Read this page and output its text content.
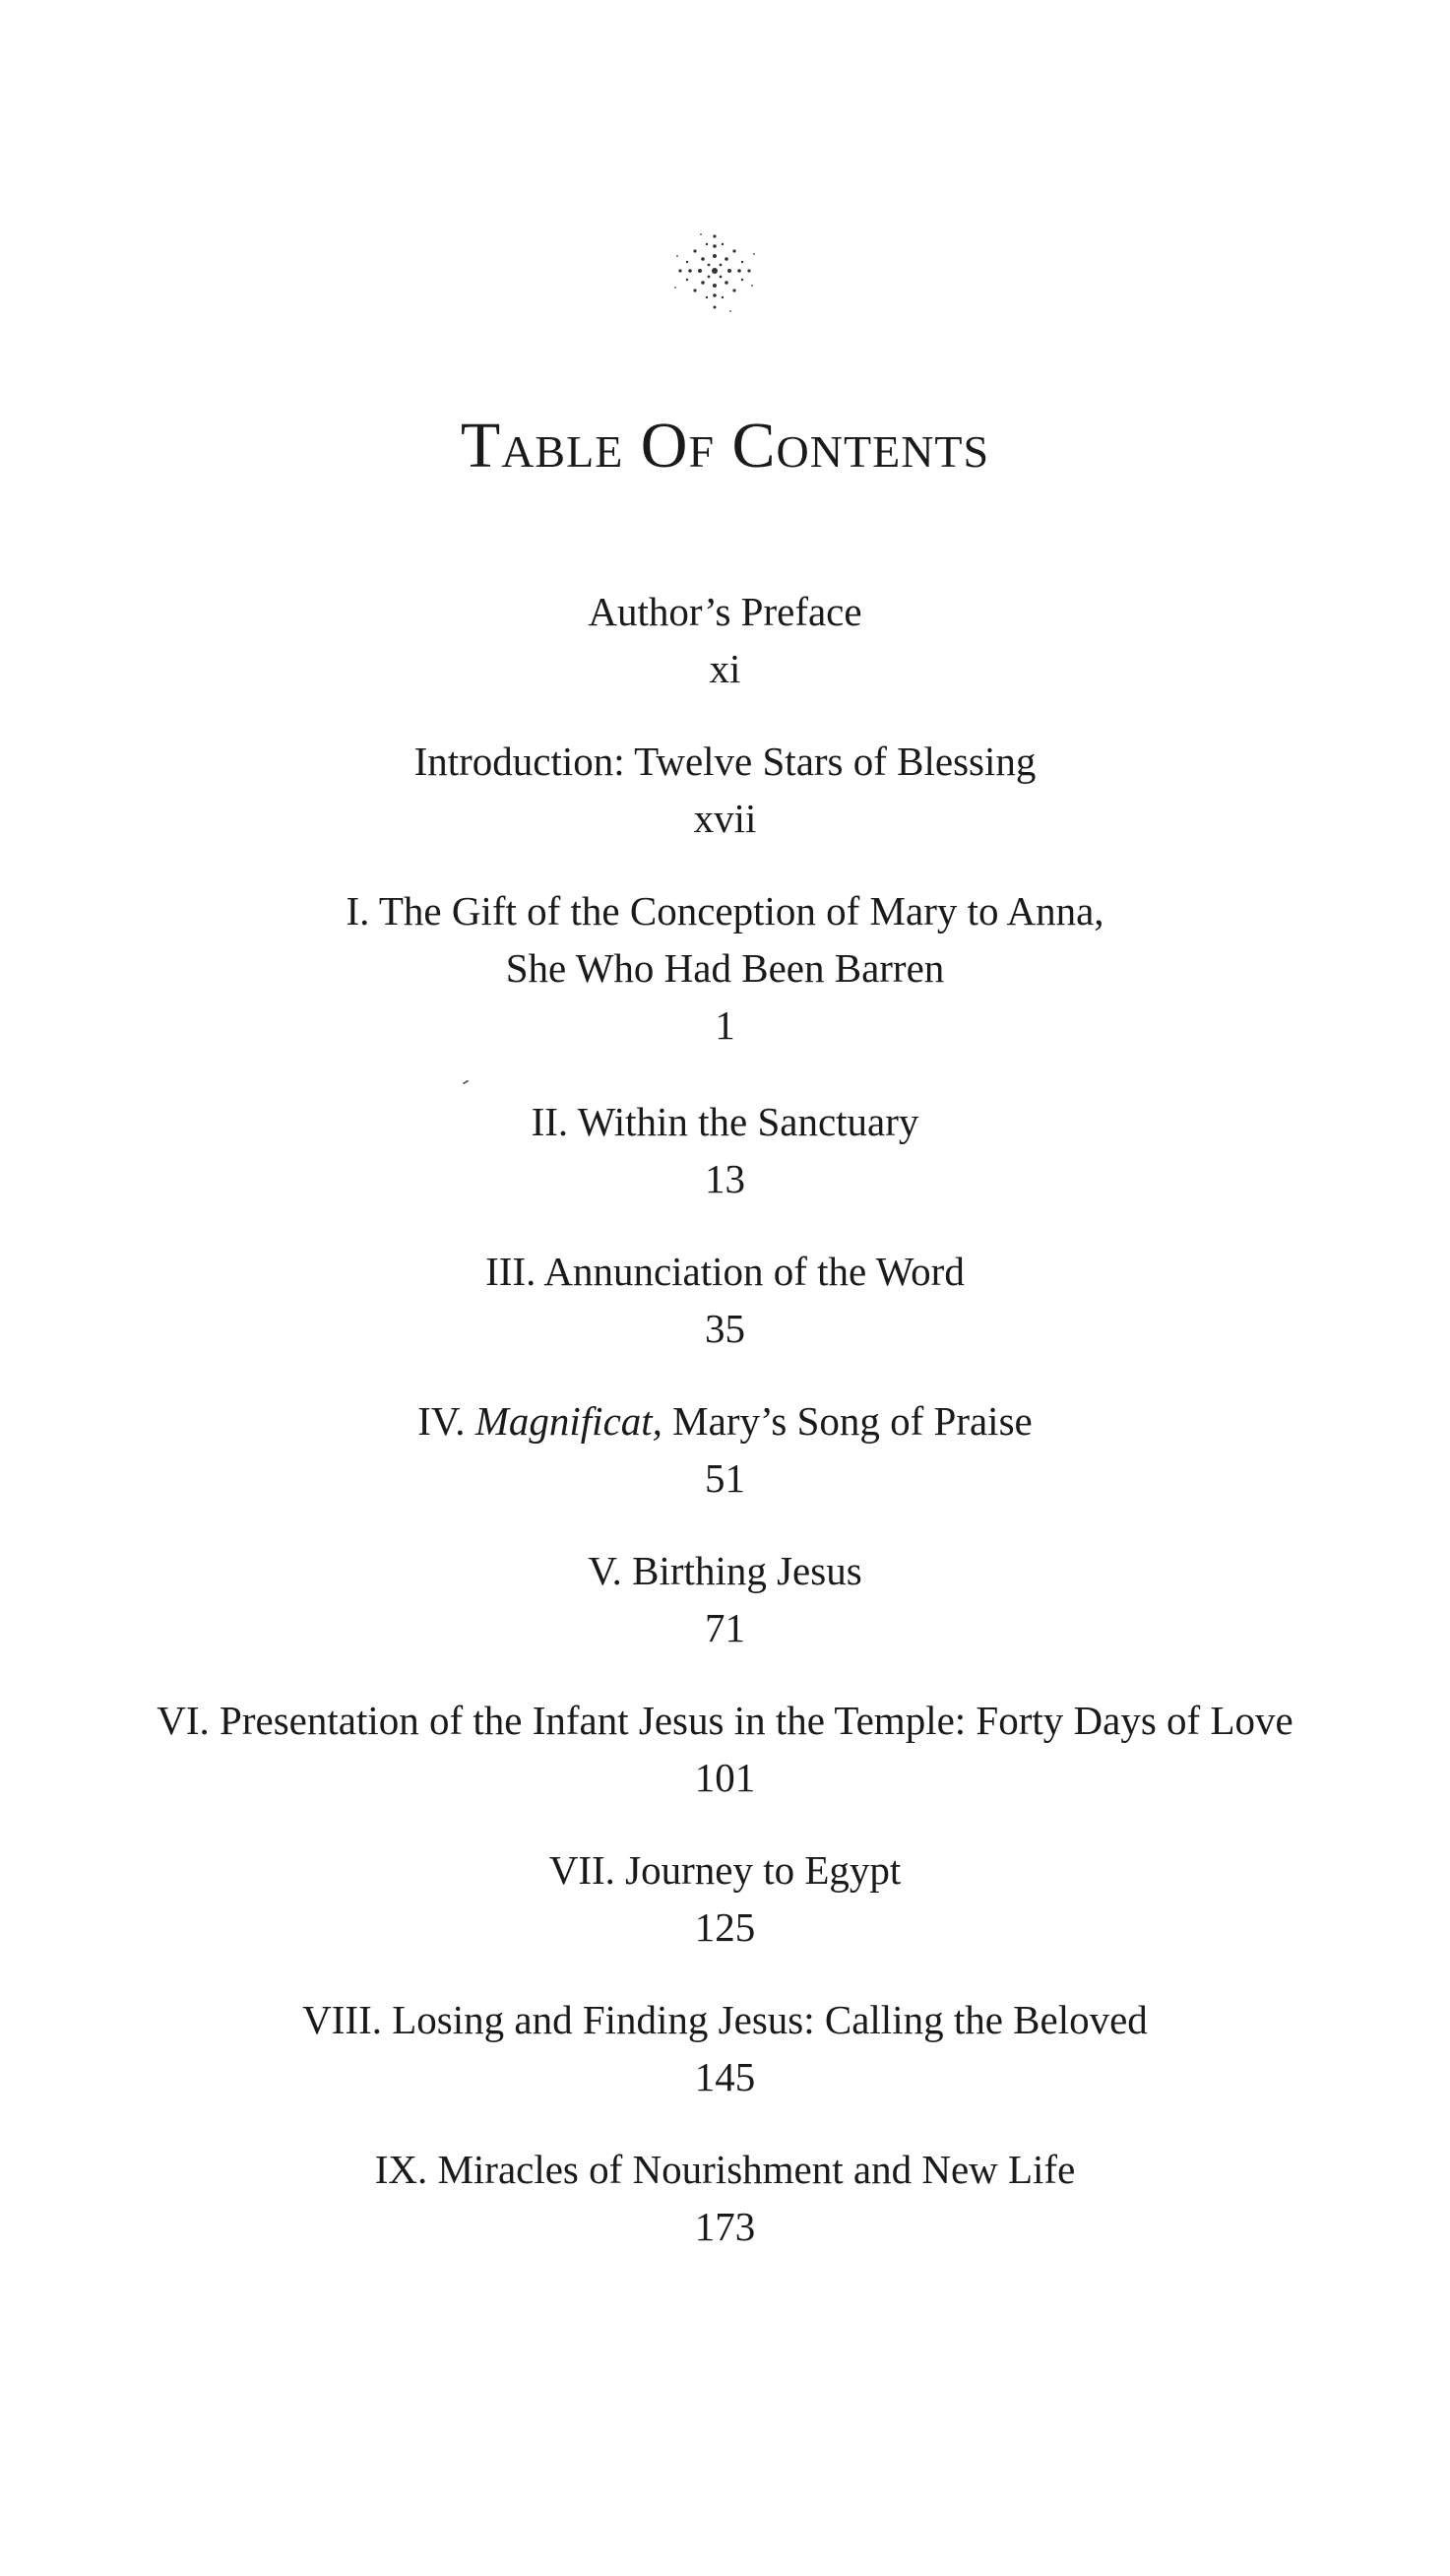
Table Of Contents
Author’s Preface
xi
Introduction: Twelve Stars of Blessing
xvii
I. The Gift of the Conception of Mary to Anna,
She Who Had Been Barren
1
II. Within the Sanctuary
13
III. Annunciation of the Word
35
IV. Magnificat, Mary’s Song of Praise
51
V. Birthing Jesus
71
VI. Presentation of the Infant Jesus in the Temple: Forty Days of Love
101
VII. Journey to Egypt
125
VIII. Losing and Finding Jesus: Calling the Beloved
145
IX. Miracles of Nourishment and New Life
173
